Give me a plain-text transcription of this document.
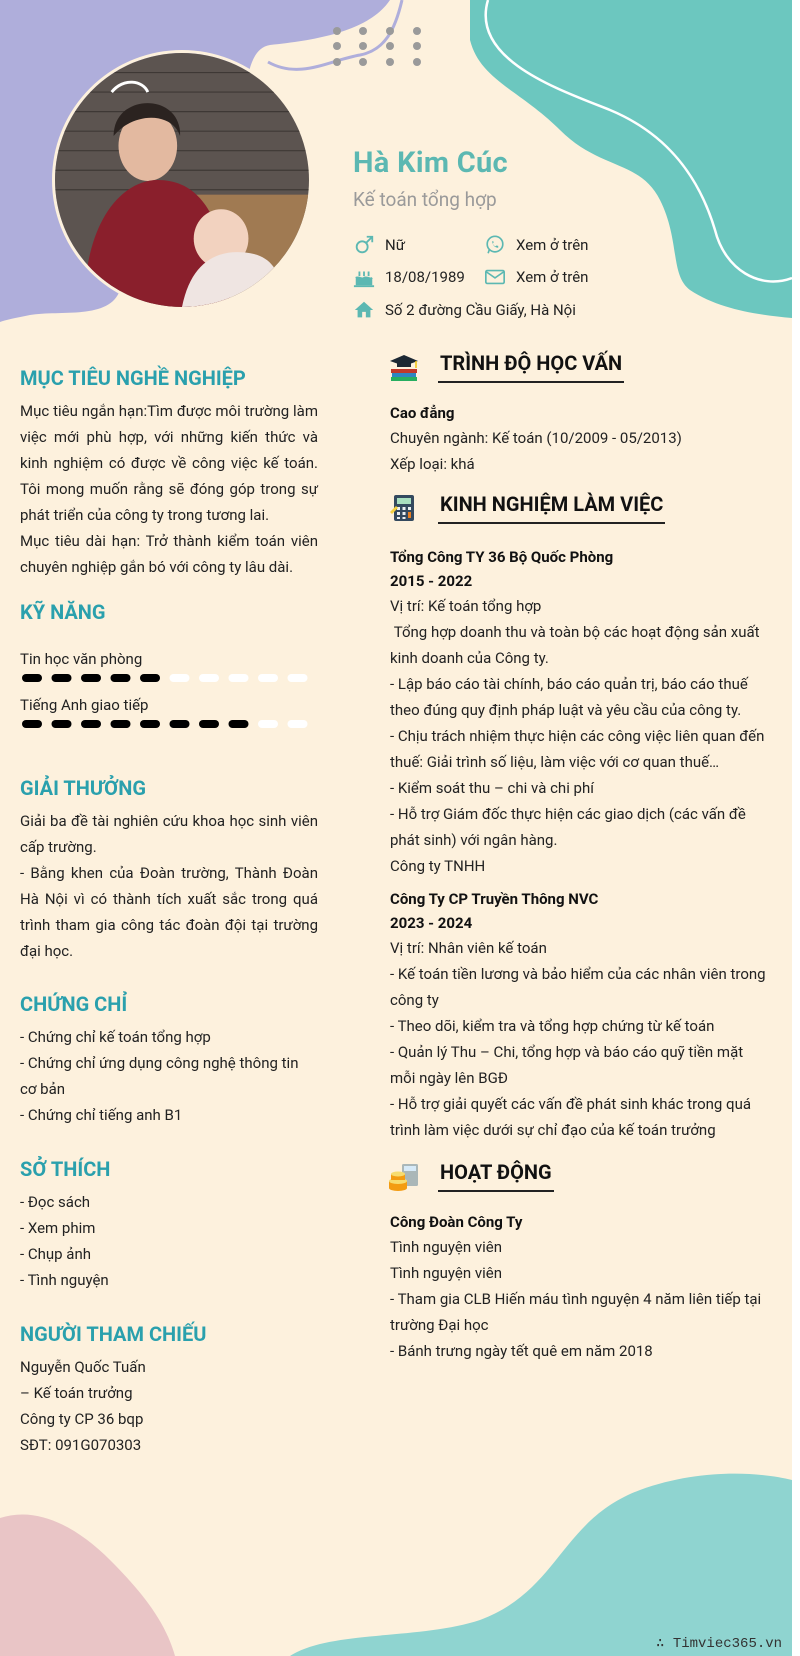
Hà Kim Cúc
Kế toán tổng hợp
Nữ	Xem ở trên
18/08/1989	Xem ở trên
Số 2 đường Cầu Giấy, Hà Nội
MỤC TIÊU NGHỀ NGHIỆP
Mục tiêu ngắn hạn:Tìm được môi trường làm việc mới phù hợp, với những kiến thức và kinh nghiệm có được về công việc kế toán. Tôi mong muốn rằng sẽ đóng góp trong sự phát triển của công ty trong tương lai.
Mục tiêu dài hạn: Trở thành kiểm toán viên chuyên nghiệp gắn bó với công ty lâu dài.
KỸ NĂNG
Tin học văn phòng
Tiếng Anh giao tiếp
GIẢI THƯỞNG
Giải ba đề tài nghiên cứu khoa học sinh viên cấp trường.
- Bằng khen của Đoàn trường, Thành Đoàn Hà Nội vì có thành tích xuất sắc trong quá trình tham gia công tác đoàn đội tại trường đại học.
CHỨNG CHỈ
- Chứng chỉ kế toán tổng hợp
- Chứng chỉ ứng dụng công nghệ thông tin cơ bản
- Chứng chỉ tiếng anh B1
SỞ THÍCH
- Đọc sách
- Xem phim
- Chụp ảnh
- Tình nguyện
NGƯỜI THAM CHIẾU
Nguyễn Quốc Tuấn
– Kế toán trưởng
Công ty CP 36 bqp
SĐT: 091G070303
TRÌNH ĐỘ HỌC VẤN
Cao đẳng
Chuyên ngành: Kế toán (10/2009 - 05/2013)
Xếp loại: khá
KINH NGHIỆM LÀM VIỆC
Tổng Công TY 36 Bộ Quốc Phòng
2015 - 2022
Vị trí: Kế toán tổng hợp
Tổng hợp doanh thu và toàn bộ các hoạt động sản xuất kinh doanh của Công ty.
- Lập báo cáo tài chính, báo cáo quản trị, báo cáo thuế theo đúng quy định pháp luật và yêu cầu của công ty.
- Chịu trách nhiệm thực hiện các công việc liên quan đến thuế: Giải trình số liệu, làm việc với cơ quan thuế…
- Kiểm soát thu – chi và chi phí
- Hỗ trợ Giám đốc thực hiện các giao dịch (các vấn đề phát sinh) với ngân hàng.
Công ty TNHH
Công Ty CP Truyền Thông NVC
2023 - 2024
Vị trí: Nhân viên kế toán
- Kế toán tiền lương và bảo hiểm của các nhân viên trong công ty
- Theo dõi, kiểm tra và tổng hợp chứng từ kế toán
- Quản lý Thu – Chi, tổng hợp và báo cáo quỹ tiền mặt mỗi ngày lên BGĐ
- Hỗ trợ giải quyết các vấn đề phát sinh khác trong quá trình làm việc dưới sự chỉ đạo của kế toán trưởng
HOẠT ĐỘNG
Công Đoàn Công Ty
Tình nguyện viên
Tình nguyện viên
- Tham gia CLB Hiến máu tình nguyện 4 năm liên tiếp tại trường Đại học
- Bánh trưng ngày tết quê em năm 2018
∴ Timviec365.vn
